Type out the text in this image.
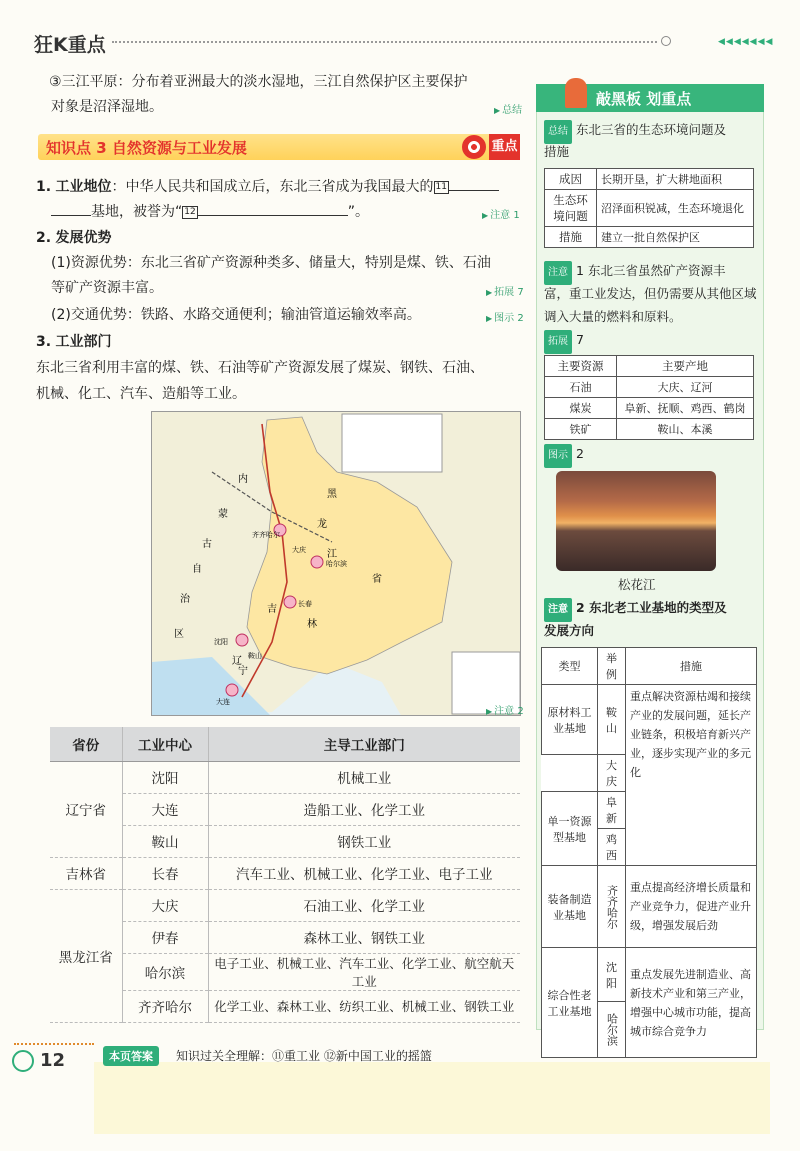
狂K重点	◀◀◀◀◀◀◀
③三江平原：分布着亚洲最大的淡水湿地，三江自然保护区主要保护
对象是沼泽湿地。	▶ 总结
知识点 3 自然资源与工业发展	重点
1. 工业地位：中华人民共和国成立后，东北三省成为我国最大的 11
基地，被誉为“ 12	”。	▶ 注意 1
2. 发展优势
(1)资源优势：东北三省矿产资源种类多、储量大，特别是煤、铁、石油
等矿产资源丰富。	▶ 拓展 7
(2)交通优势：铁路、水路交通便利；输油管道运输效率高。	▶ 图示 2
3. 工业部门
东北三省利用丰富的煤、铁、石油等矿产资源发展了煤炭、钢铁、石油、
机械、化工、汽车、造船等工业。
内
蒙
古
自
治
区
黑
龙
江
省
吉
林
辽
宁
齐齐哈尔
哈尔滨
大庆
长春
沈阳
鞍山
大连
▶ 注意 2
省份	工业中心	主导工业部门
辽宁省	沈阳	机械工业
	大连	造船工业、化学工业
	鞍山	钢铁工业
吉林省	长春	汽车工业、机械工业、化学工业、电子工业
黑龙江省	大庆	石油工业、化学工业
	伊春	森林工业、钢铁工业
	哈尔滨	电子工业、机械工业、汽车工业、化学工业、航空航天工业
	齐齐哈尔	化学工业、森林工业、纺织工业、机械工业、钢铁工业
12	本页答案	知识过关全理解：⑪重工业 ⑫新中国工业的摇篮
敲黑板 划重点
总结 东北三省的生态环境问题及
措施
成因	长期开垦，扩大耕地面积
生态环境问题	沼泽面积锐减，生态环境退化
措施	建立一批自然保护区
注意 1 东北三省虽然矿产资源丰
富，重工业发达，但仍需要从其他区域
调入大量的燃料和原料。
拓展 7
主要资源	主要产地
石油	大庆、辽河
煤炭	阜新、抚顺、鸡西、鹤岗
铁矿	鞍山、本溪
图示 2
松花江
注意 2 东北老工业基地的类型及
发展方向
类型	举例	措施
原材料工业基地	鞍山	重点解决资源枯竭和接续产业的发展问题，延长产业链条，积极培育新兴产业，逐步实现产业的多元化
	大庆	
单一资源型基地	阜新	
	鸡西	
装备制造业基地	齐齐哈尔	重点提高经济增长质量和产业竞争力，促进产业升级，增强发展后劲
综合性老工业基地	沈阳	重点发展先进制造业、高新技术产业和第三产业，增强中心城市功能，提高城市综合竞争力
	哈尔滨	
